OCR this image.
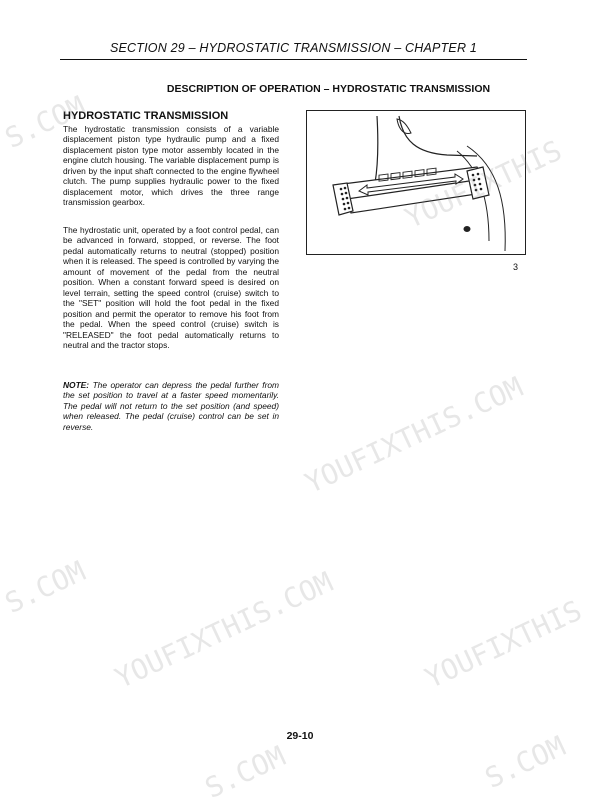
SECTION 29 – HYDROSTATIC TRANSMISSION – CHAPTER 1
DESCRIPTION OF OPERATION – HYDROSTATIC TRANSMISSION
HYDROSTATIC TRANSMISSION
The hydrostatic transmission consists of a variable displacement piston type hydraulic pump and a fixed displacement piston type motor assembly located in the engine clutch housing. The variable displacement pump is driven by the input shaft connected to the engine flywheel clutch. The pump supplies hydraulic power to the fixed displacement motor, which drives the three range transmission gearbox.
The hydrostatic unit, operated by a foot control pedal, can be advanced in forward, stopped, or reverse. The foot pedal automatically returns to neutral (stopped) position when it is released. The speed is controlled by varying the amount of movement of the pedal from the neutral position. When a constant forward speed is desired on level terrain, setting the speed control (cruise) switch to the "SET" position will hold the foot pedal in the fixed position and permit the operator to remove his foot from the pedal. When the speed control (cruise) switch is "RELEASED" the foot pedal automatically returns to neutral and the tractor stops.
NOTE: The operator can depress the pedal further from the set position to travel at a faster speed momentarily. The pedal will not return to the set position (and speed) when released. The pedal (cruise) control can be set in reverse.
3
29-10
S.COM
YOUFIXTHIS.COM
S.COM YOUFIXTHIS.COM	YOUFIXTHIS
S.COM	S.COM
